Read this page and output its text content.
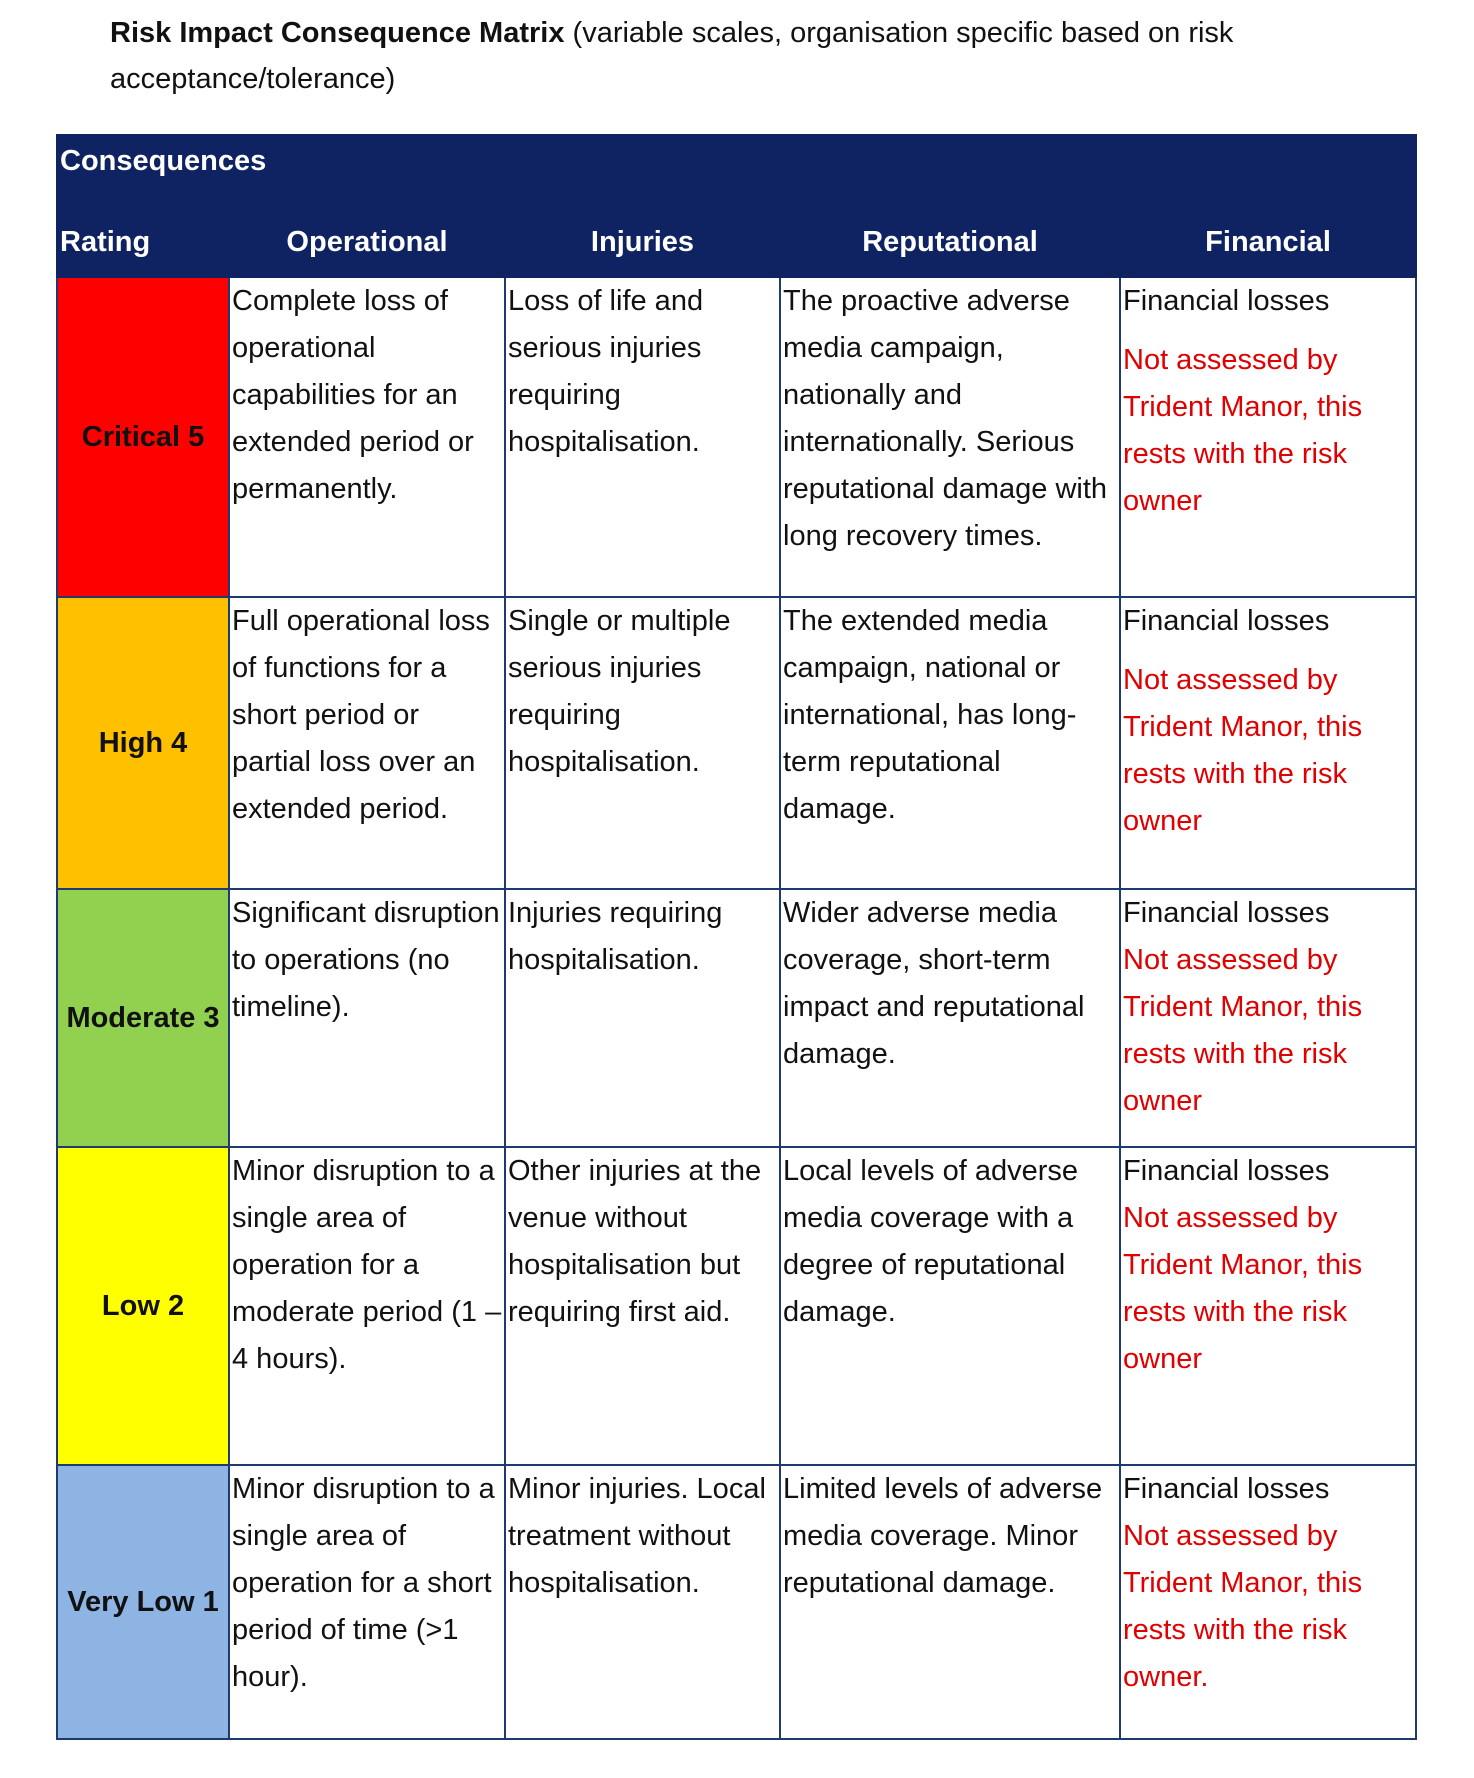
Risk Impact Consequence Matrix (variable scales, organisation specific based on risk acceptance/tolerance)
Consequences				
Rating	Operational	Injuries	Reputational	Financial
Critical 5	Complete loss of operational capabilities for an extended period or permanently.	Loss of life and serious injuries requiring hospitalisation.	The proactive adverse media campaign, nationally and internationally. Serious reputational damage with long recovery times.	Financial losses
Not assessed by Trident Manor, this rests with the risk owner

High 4	Full operational loss of functions for a short period or partial loss over an extended period.	Single or multiple serious injuries requiring hospitalisation.	The extended media campaign, national or international, has long-term reputational damage.	Financial losses
Not assessed by Trident Manor, this rests with the risk owner

Moderate 3	Significant disruption to operations (no timeline).	Injuries requiring hospitalisation.	Wider adverse media coverage, short-term impact and reputational damage.	Financial losses
Not assessed by Trident Manor, this rests with the risk owner

Low 2	Minor disruption to a single area of operation for a moderate period (1 – 4 hours).	Other injuries at the venue without hospitalisation but requiring first aid.	Local levels of adverse media coverage with a degree of reputational damage.	Financial losses
Not assessed by Trident Manor, this rests with the risk owner

Very Low 1	Minor disruption to a single area of operation for a short period of time (>1 hour).	Minor injuries. Local treatment without hospitalisation.	Limited levels of adverse media coverage. Minor reputational damage.	Financial losses
Not assessed by Trident Manor, this rests with the risk owner.
